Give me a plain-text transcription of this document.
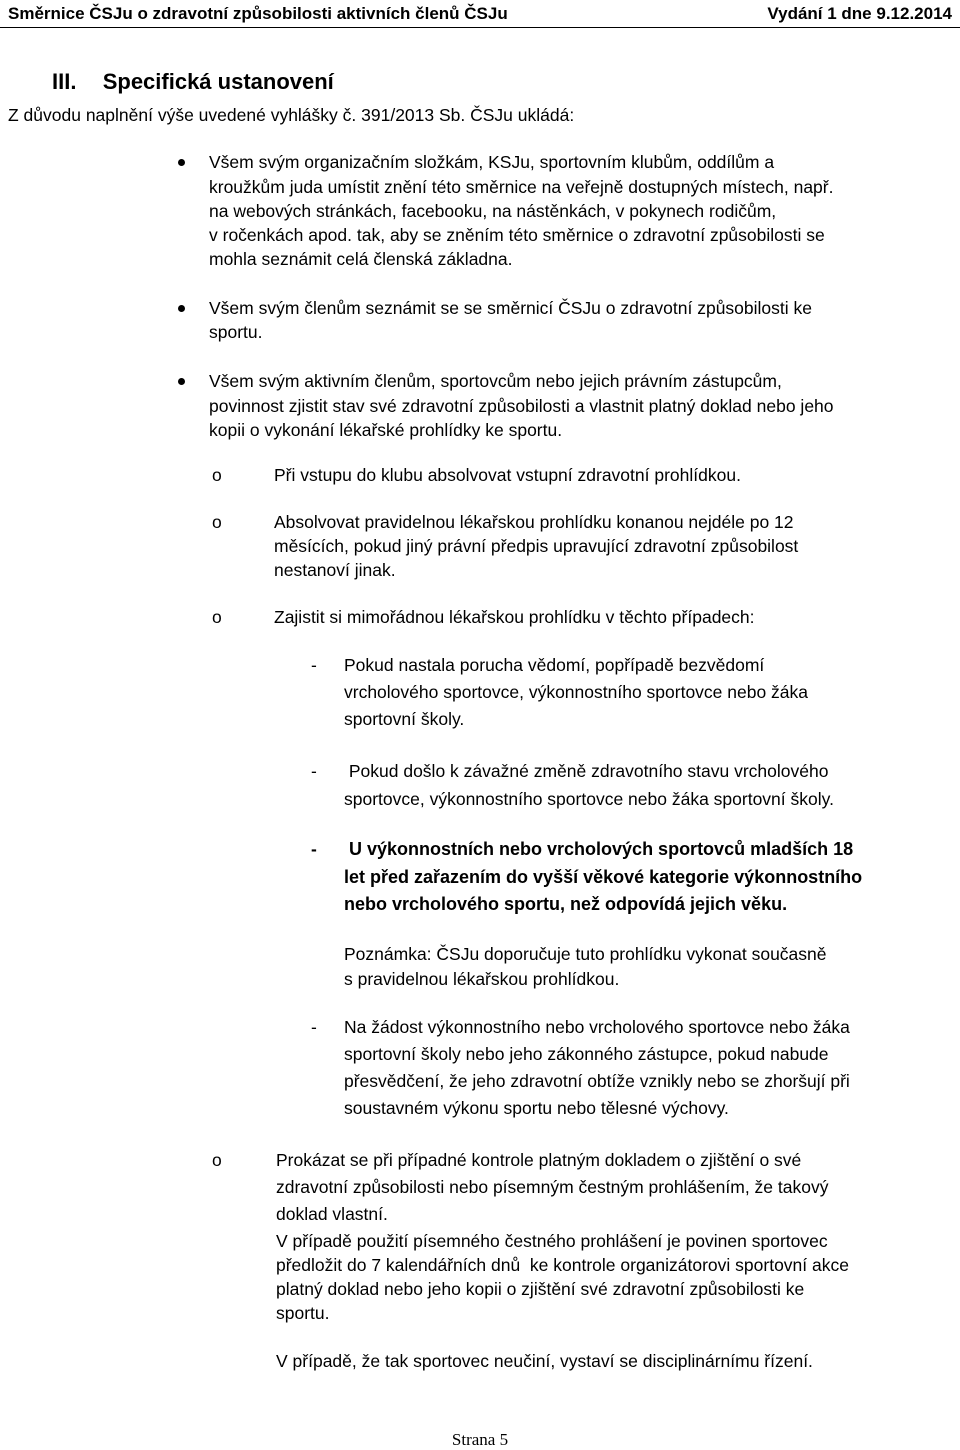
Směrnice ČSJu o zdravotní způsobilosti aktivních členů ČSJu	Vydání 1 dne 9.12.2014
III. Specifická ustanovení
Z důvodu naplnění výše uvedené vyhlášky č. 391/2013 Sb. ČSJu ukládá:
Všem svým organizačním složkám, KSJu, sportovním klubům, oddílům a
kroužkům juda umístit znění této směrnice na veřejně dostupných místech, např.
na webových stránkách, facebooku, na nástěnkách, v pokynech rodičům,
v ročenkách apod. tak, aby se zněním této směrnice o zdravotní způsobilosti se
mohla seznámit celá členská základna.
Všem svým členům seznámit se se směrnicí ČSJu o zdravotní způsobilosti ke
sportu.
Všem svým aktivním členům, sportovcům nebo jejich právním zástupcům,
povinnost zjistit stav své zdravotní způsobilosti a vlastnit platný doklad nebo jeho
kopii o vykonání lékařské prohlídky ke sportu.
o	Při vstupu do klubu absolvovat vstupní zdravotní prohlídkou.
o	Absolvovat pravidelnou lékařskou prohlídku konanou nejdéle po 12
měsících, pokud jiný právní předpis upravující zdravotní způsobilost
nestanoví jinak.
o	Zajistit si mimořádnou lékařskou prohlídku v těchto případech:
- Pokud nastala porucha vědomí, popřípadě bezvědomí
vrcholového sportovce, výkonnostního sportovce nebo žáka
sportovní školy.
- Pokud došlo k závažné změně zdravotního stavu vrcholového
sportovce, výkonnostního sportovce nebo žáka sportovní školy.
- U výkonnostních nebo vrcholových sportovců mladších 18
let před zařazením do vyšší věkové kategorie výkonnostního
nebo vrcholového sportu, než odpovídá jejich věku.
Poznámka: ČSJu doporučuje tuto prohlídku vykonat současně
s pravidelnou lékařskou prohlídkou.
- Na žádost výkonnostního nebo vrcholového sportovce nebo žáka
sportovní školy nebo jeho zákonného zástupce, pokud nabude
přesvědčení, že jeho zdravotní obtíže vznikly nebo se zhoršují při
soustavném výkonu sportu nebo tělesné výchovy.
o	Prokázat se při případné kontrole platným dokladem o zjištění o své
zdravotní způsobilosti nebo písemným čestným prohlášením, že takový
doklad vlastní.
V případě použití písemného čestného prohlášení je povinen sportovec
předložit do 7 kalendářních dnů  ke kontrole organizátorovi sportovní akce
platný doklad nebo jeho kopii o zjištění své zdravotní způsobilosti ke
sportu.
V případě, že tak sportovec neučiní, vystaví se disciplinárnímu řízení.
Strana 5
